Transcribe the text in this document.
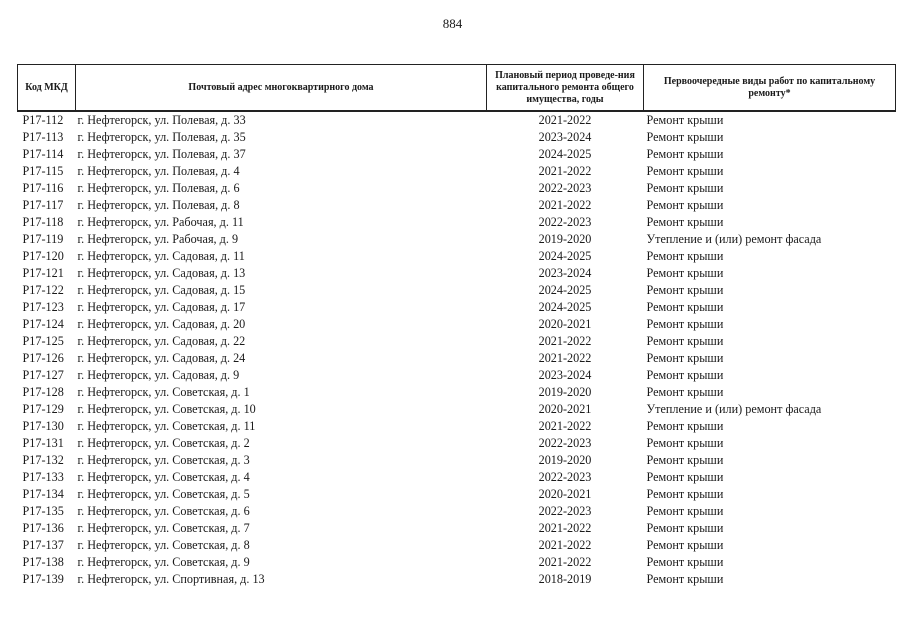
884
Код МКД	Почтовый адрес многоквартирного дома	Плановый период проведе-ния капитального ремонта общего имущества, годы	Первоочередные виды работ по капитальному ремонту*
Р17-112	г. Нефтегорск, ул. Полевая, д. 33	2021-2022	Ремонт крыши
Р17-113	г. Нефтегорск, ул. Полевая, д. 35	2023-2024	Ремонт крыши
Р17-114	г. Нефтегорск, ул. Полевая, д. 37	2024-2025	Ремонт крыши
Р17-115	г. Нефтегорск, ул. Полевая, д. 4	2021-2022	Ремонт крыши
Р17-116	г. Нефтегорск, ул. Полевая, д. 6	2022-2023	Ремонт крыши
Р17-117	г. Нефтегорск, ул. Полевая, д. 8	2021-2022	Ремонт крыши
Р17-118	г. Нефтегорск, ул. Рабочая, д. 11	2022-2023	Ремонт крыши
Р17-119	г. Нефтегорск, ул. Рабочая, д. 9	2019-2020	Утепление и (или) ремонт фасада
Р17-120	г. Нефтегорск, ул. Садовая, д. 11	2024-2025	Ремонт крыши
Р17-121	г. Нефтегорск, ул. Садовая, д. 13	2023-2024	Ремонт крыши
Р17-122	г. Нефтегорск, ул. Садовая, д. 15	2024-2025	Ремонт крыши
Р17-123	г. Нефтегорск, ул. Садовая, д. 17	2024-2025	Ремонт крыши
Р17-124	г. Нефтегорск, ул. Садовая, д. 20	2020-2021	Ремонт крыши
Р17-125	г. Нефтегорск, ул. Садовая, д. 22	2021-2022	Ремонт крыши
Р17-126	г. Нефтегорск, ул. Садовая, д. 24	2021-2022	Ремонт крыши
Р17-127	г. Нефтегорск, ул. Садовая, д. 9	2023-2024	Ремонт крыши
Р17-128	г. Нефтегорск, ул. Советская, д. 1	2019-2020	Ремонт крыши
Р17-129	г. Нефтегорск, ул. Советская, д. 10	2020-2021	Утепление и (или) ремонт фасада
Р17-130	г. Нефтегорск, ул. Советская, д. 11	2021-2022	Ремонт крыши
Р17-131	г. Нефтегорск, ул. Советская, д. 2	2022-2023	Ремонт крыши
Р17-132	г. Нефтегорск, ул. Советская, д. 3	2019-2020	Ремонт крыши
Р17-133	г. Нефтегорск, ул. Советская, д. 4	2022-2023	Ремонт крыши
Р17-134	г. Нефтегорск, ул. Советская, д. 5	2020-2021	Ремонт крыши
Р17-135	г. Нефтегорск, ул. Советская, д. 6	2022-2023	Ремонт крыши
Р17-136	г. Нефтегорск, ул. Советская, д. 7	2021-2022	Ремонт крыши
Р17-137	г. Нефтегорск, ул. Советская, д. 8	2021-2022	Ремонт крыши
Р17-138	г. Нефтегорск, ул. Советская, д. 9	2021-2022	Ремонт крыши
Р17-139	г. Нефтегорск, ул. Спортивная, д. 13	2018-2019	Ремонт крыши
